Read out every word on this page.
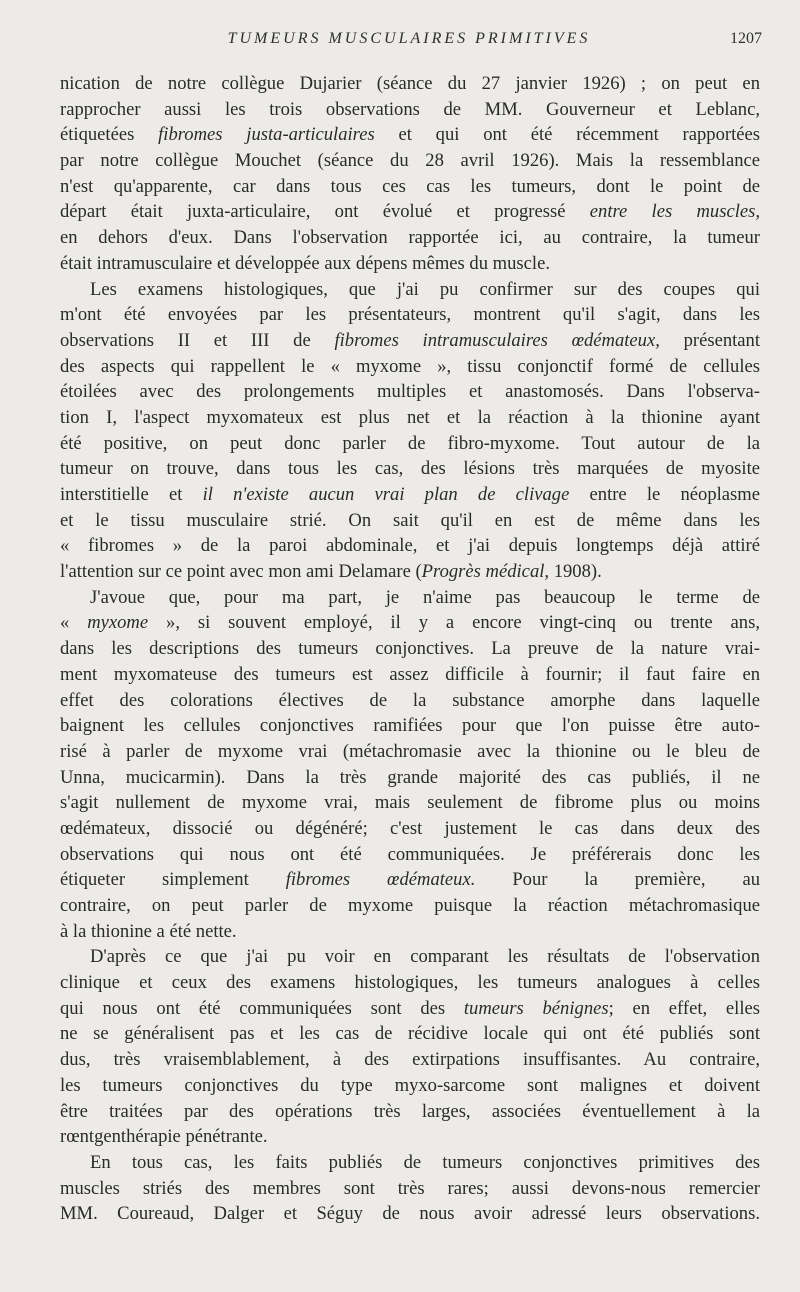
TUMEURS MUSCULAIRES PRIMITIVES	1207
nication de notre collègue Dujarier (séance du 27 janvier 1926) ; on peut en
rapprocher aussi les trois observations de MM. Gouverneur et Leblanc,
étiquetées fibromes justa-articulaires et qui ont été récemment rapportées
par notre collègue Mouchet (séance du 28 avril 1926). Mais la ressemblance
n'est qu'apparente, car dans tous ces cas les tumeurs, dont le point de
départ était juxta-articulaire, ont évolué et progressé entre les muscles,
en dehors d'eux. Dans l'observation rapportée ici, au contraire, la tumeur
était intramusculaire et développée aux dépens mêmes du muscle.
Les examens histologiques, que j'ai pu confirmer sur des coupes qui
m'ont été envoyées par les présentateurs, montrent qu'il s'agit, dans les
observations II et III de fibromes intramusculaires œdémateux, présentant
des aspects qui rappellent le « myxome », tissu conjonctif formé de cellules
étoilées avec des prolongements multiples et anastomosés. Dans l'observa-
tion I, l'aspect myxomateux est plus net et la réaction à la thionine ayant
été positive, on peut donc parler de fibro-myxome. Tout autour de la
tumeur on trouve, dans tous les cas, des lésions très marquées de myosite
interstitielle et il n'existe aucun vrai plan de clivage entre le néoplasme
et le tissu musculaire strié. On sait qu'il en est de même dans les
« fibromes » de la paroi abdominale, et j'ai depuis longtemps déjà attiré
l'attention sur ce point avec mon ami Delamare (Progrès médical, 1908).
J'avoue que, pour ma part, je n'aime pas beaucoup le terme de
« myxome », si souvent employé, il y a encore vingt-cinq ou trente ans,
dans les descriptions des tumeurs conjonctives. La preuve de la nature vrai-
ment myxomateuse des tumeurs est assez difficile à fournir; il faut faire en
effet des colorations électives de la substance amorphe dans laquelle
baignent les cellules conjonctives ramifiées pour que l'on puisse être auto-
risé à parler de myxome vrai (métachromasie avec la thionine ou le bleu de
Unna, mucicarmin). Dans la très grande majorité des cas publiés, il ne
s'agit nullement de myxome vrai, mais seulement de fibrome plus ou moins
œdémateux, dissocié ou dégénéré; c'est justement le cas dans deux des
observations qui nous ont été communiquées. Je préférerais donc les
étiqueter simplement fibromes œdémateux. Pour la première, au
contraire, on peut parler de myxome puisque la réaction métachromasique
à la thionine a été nette.
D'après ce que j'ai pu voir en comparant les résultats de l'observation
clinique et ceux des examens histologiques, les tumeurs analogues à celles
qui nous ont été communiquées sont des tumeurs bénignes; en effet, elles
ne se généralisent pas et les cas de récidive locale qui ont été publiés sont
dus, très vraisemblablement, à des extirpations insuffisantes. Au contraire,
les tumeurs conjonctives du type myxo-sarcome sont malignes et doivent
être traitées par des opérations très larges, associées éventuellement à la
rœntgenthérapie pénétrante.
En tous cas, les faits publiés de tumeurs conjonctives primitives des
muscles striés des membres sont très rares; aussi devons-nous remercier
MM. Coureaud, Dalger et Séguy de nous avoir adressé leurs observations.
